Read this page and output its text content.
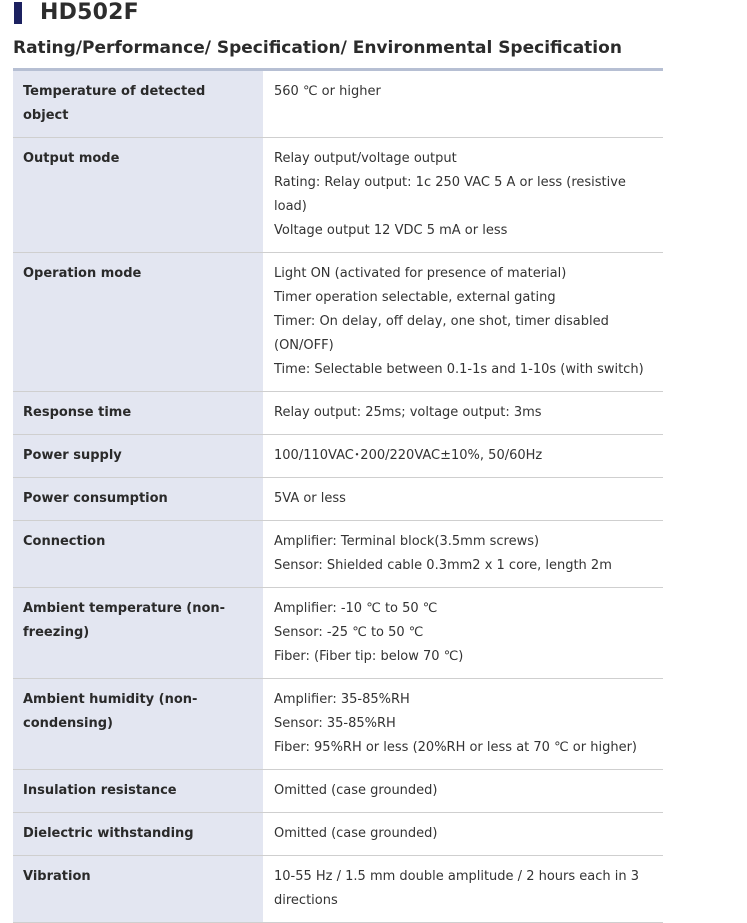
HD502F
Rating/Performance/ Specification/ Environmental Specification
Temperature of detected object	560 ℃ or higher

Output mode	Relay output/voltage output
Rating: Relay output: 1c 250 VAC 5 A or less (resistive load)
Voltage output 12 VDC 5 mA or less

Operation mode	Light ON (activated for presence of material)
Timer operation selectable, external gating
Timer: On delay, off delay, one shot, timer disabled (ON/OFF)
Time: Selectable between 0.1-1s and 1-10s (with switch)

Response time	Relay output: 25ms; voltage output: 3ms

Power supply	100/110VAC･200/220VAC±10%, 50/60Hz

Power consumption	5VA or less

Connection	Amplifier: Terminal block(3.5mm screws)
Sensor: Shielded cable 0.3mm2 x 1 core, length 2m

Ambient temperature (non-freezing)	Amplifier: -10 ℃ to 50 ℃
Sensor: -25 ℃ to 50 ℃
Fiber: (Fiber tip: below 70 ℃)

Ambient humidity (non-condensing)	Amplifier: 35-85%RH
Sensor: 35-85%RH
Fiber: 95%RH or less (20%RH or less at 70 ℃ or higher)

Insulation resistance	Omitted (case grounded)

Dielectric withstanding	Omitted (case grounded)

Vibration	10-55 Hz / 1.5 mm double amplitude / 2 hours each in 3 directions
